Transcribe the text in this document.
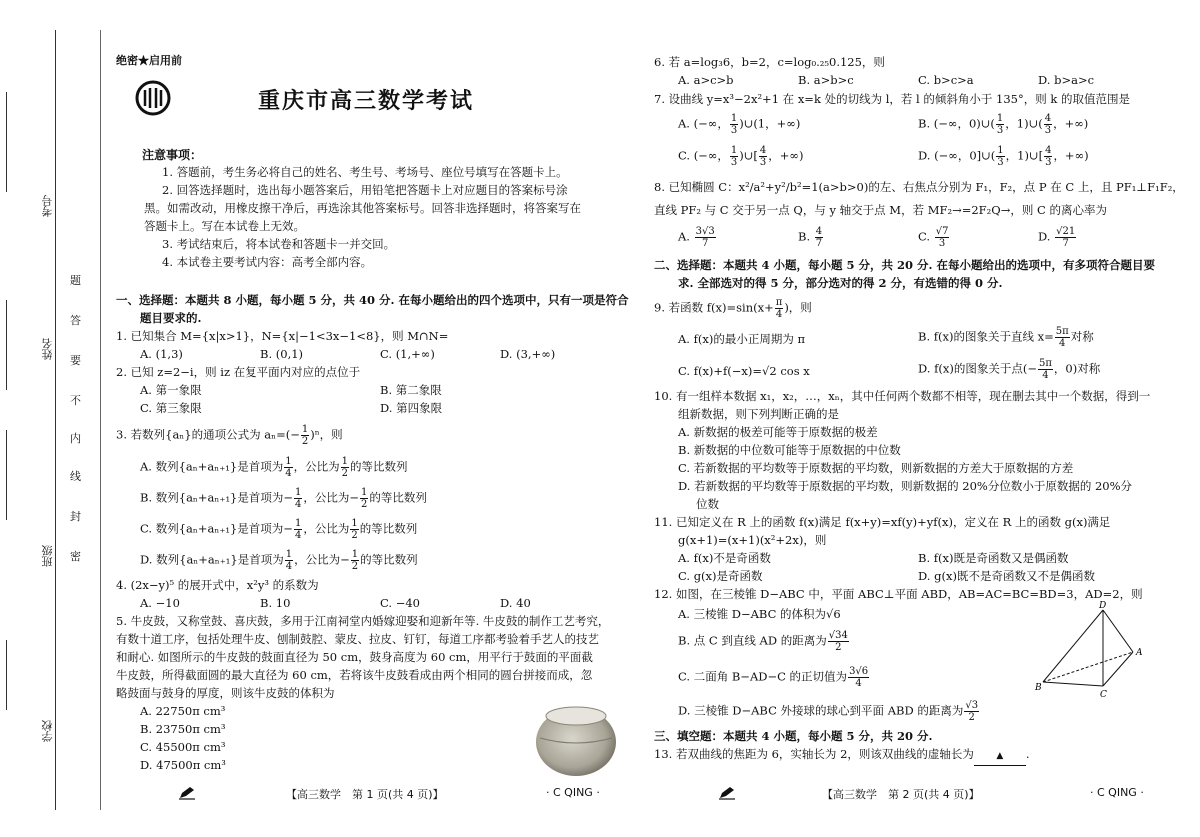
考号
姓名
班级
学校
题
答
要
不
内
线
封
密
绝密★启用前
重庆市高三数学考试
注意事项：
1. 答题前，考生务必将自己的姓名、考生号、考场号、座位号填写在答题卡上。
2. 回答选择题时，选出每小题答案后，用铅笔把答题卡上对应题目的答案标号涂
黑。如需改动，用橡皮擦干净后，再选涂其他答案标号。回答非选择题时，将答案写在
答题卡上。写在本试卷上无效。
3. 考试结束后，将本试卷和答题卡一并交回。
4. 本试卷主要考试内容：高考全部内容。
一、选择题：本题共 8 小题，每小题 5 分，共 40 分. 在每小题给出的四个选项中，只有一项是符合
题目要求的.
1. 已知集合 M={x|x>1}，N={x|−1<3x−1<8}，则 M∩N=
A. (1,3)	B. (0,1)	C. (1,+∞)	D. (3,+∞)
2. 已知 z=2−i，则 iz 在复平面内对应的点位于
A. 第一象限	B. 第二象限
C. 第三象限	D. 第四象限
3. 若数列{aₙ}的通项公式为 $a_n=(- \frac{1}{2} )^n$，则
A. 数列{aₙ+aₙ₊₁}是首项为 $\frac{1}{4}$ ，公比为 $\frac{1}{2}$ 的等比数列
B. 数列{aₙ+aₙ₊₁}是首项为− $\frac{1}{4}$ ，公比为− $\frac{1}{2}$ 的等比数列
C. 数列{aₙ+aₙ₊₁}是首项为− $\frac{1}{4}$ ，公比为 $\frac{1}{2}$ 的等比数列
D. 数列{aₙ+aₙ₊₁}是首项为 $\frac{1}{4}$ ，公比为− $\frac{1}{2}$ 的等比数列
4. (2x−y)⁵ 的展开式中，x²y³ 的系数为
A. −10	B. 10	C. −40	D. 40
5. 牛皮鼓，又称堂鼓、喜庆鼓，多用于江南祠堂内婚嫁迎娶和迎新年等. 牛皮鼓的制作工艺考究，
有数十道工序，包括处理牛皮、刨制鼓腔、蒙皮、拉皮、钉钉，每道工序都考验着手艺人的技艺
和耐心. 如图所示的牛皮鼓的鼓面直径为 50 cm，鼓身高度为 60 cm，用平行于鼓面的平面截
牛皮鼓，所得截面圆的最大直径为 60 cm，若将该牛皮鼓看成由两个相同的圆台拼接而成，忽
略鼓面与鼓身的厚度，则该牛皮鼓的体积为
A. 22750π cm³
B. 23750π cm³
C. 45500π cm³
D. 47500π cm³
【高三数学　第 1 页(共 4 页)】	· C QING ·
6. 若 a=log₃6，b=2，c=log₀.₂₅0.125，则
A. a>c>b	B. a>b>c	C. b>c>a	D. b>a>c
7. 设曲线 y=x³−2x²+1 在 x=k 处的切线为 l，若 l 的倾斜角小于 135°，则 k 的取值范围是
A. (−∞， $\frac{1}{3}$ )∪(1，+∞)	B. (−∞，0)∪( $\frac{1}{3}$ ，1)∪( $\frac{4}{3}$ ，+∞)
C. (−∞， $\frac{1}{3}$ )∪[ $\frac{4}{3}$ ，+∞)	D. (−∞，0]∪( $\frac{1}{3}$ ，1)∪[ $\frac{4}{3}$ ，+∞)
8. 已知椭圆 C：x²/a²+y²/b²=1(a>b>0)的左、右焦点分别为 F₁，F₂，点 P 在 C 上，且 PF₁⊥F₁F₂，
直线 PF₂ 与 C 交于另一点 Q，与 y 轴交于点 M，若 MF₂→=2F₂Q→，则 C 的离心率为
A. $\frac{3√3}{7}$	B. $\frac{4}{7}$	C. $\frac{√7}{3}$	D. $\frac{√21}{7}$
二、选择题：本题共 4 小题，每小题 5 分，共 20 分. 在每小题给出的选项中，有多项符合题目要
求. 全部选对的得 5 分，部分选对的得 2 分，有选错的得 0 分.
9. 若函数 $f(x)=\sin(x+ \frac{\pi}{4}$ )，则
A. f(x)的最小正周期为 π	B. f(x)的图象关于直线 $x= \frac{5\pi}{4}$ 对称
C. f(x)+f(−x)=√2 cos x	D. f(x)的图象关于点(− $\frac{5\pi}{4}$ ，0)对称
10. 有一组样本数据 x₁，x₂，…，xₙ，其中任何两个数都不相等，现在删去其中一个数据，得到一
组新数据，则下列判断正确的是
A. 新数据的极差可能等于原数据的极差
B. 新数据的中位数可能等于原数据的中位数
C. 若新数据的平均数等于原数据的平均数，则新数据的方差大于原数据的方差
D. 若新数据的平均数等于原数据的平均数，则新数据的 20%分位数小于原数据的 20%分
位数
11. 已知定义在 R 上的函数 f(x)满足 f(x+y)=xf(y)+yf(x)，定义在 R 上的函数 g(x)满足
g(x+1)=(x+1)(x²+2x)，则
A. f(x)不是奇函数	B. f(x)既是奇函数又是偶函数
C. g(x)是奇函数	D. g(x)既不是奇函数又不是偶函数
12. 如图，在三棱锥 D−ABC 中，平面 ABC⊥平面 ABD，AB=AC=BC=BD=3，AD=2，则
A. 三棱锥 D−ABC 的体积为√6
B. 点 C 到直线 AD 的距离为 $\frac{√34}{2}$
C. 二面角 B−AD−C 的正切值为 $\frac{3√6}{4}$
D. 三棱锥 D−ABC 外接球的球心到平面 ABD 的距离为 $\frac{√3}{2}$
D
A
B
C
三、填空题：本题共 4 小题，每小题 5 分，共 20 分.
13. 若双曲线的焦距为 6，实轴长为 2，则该双曲线的虚轴长为	▲ .
【高三数学　第 2 页(共 4 页)】	· C QING ·
